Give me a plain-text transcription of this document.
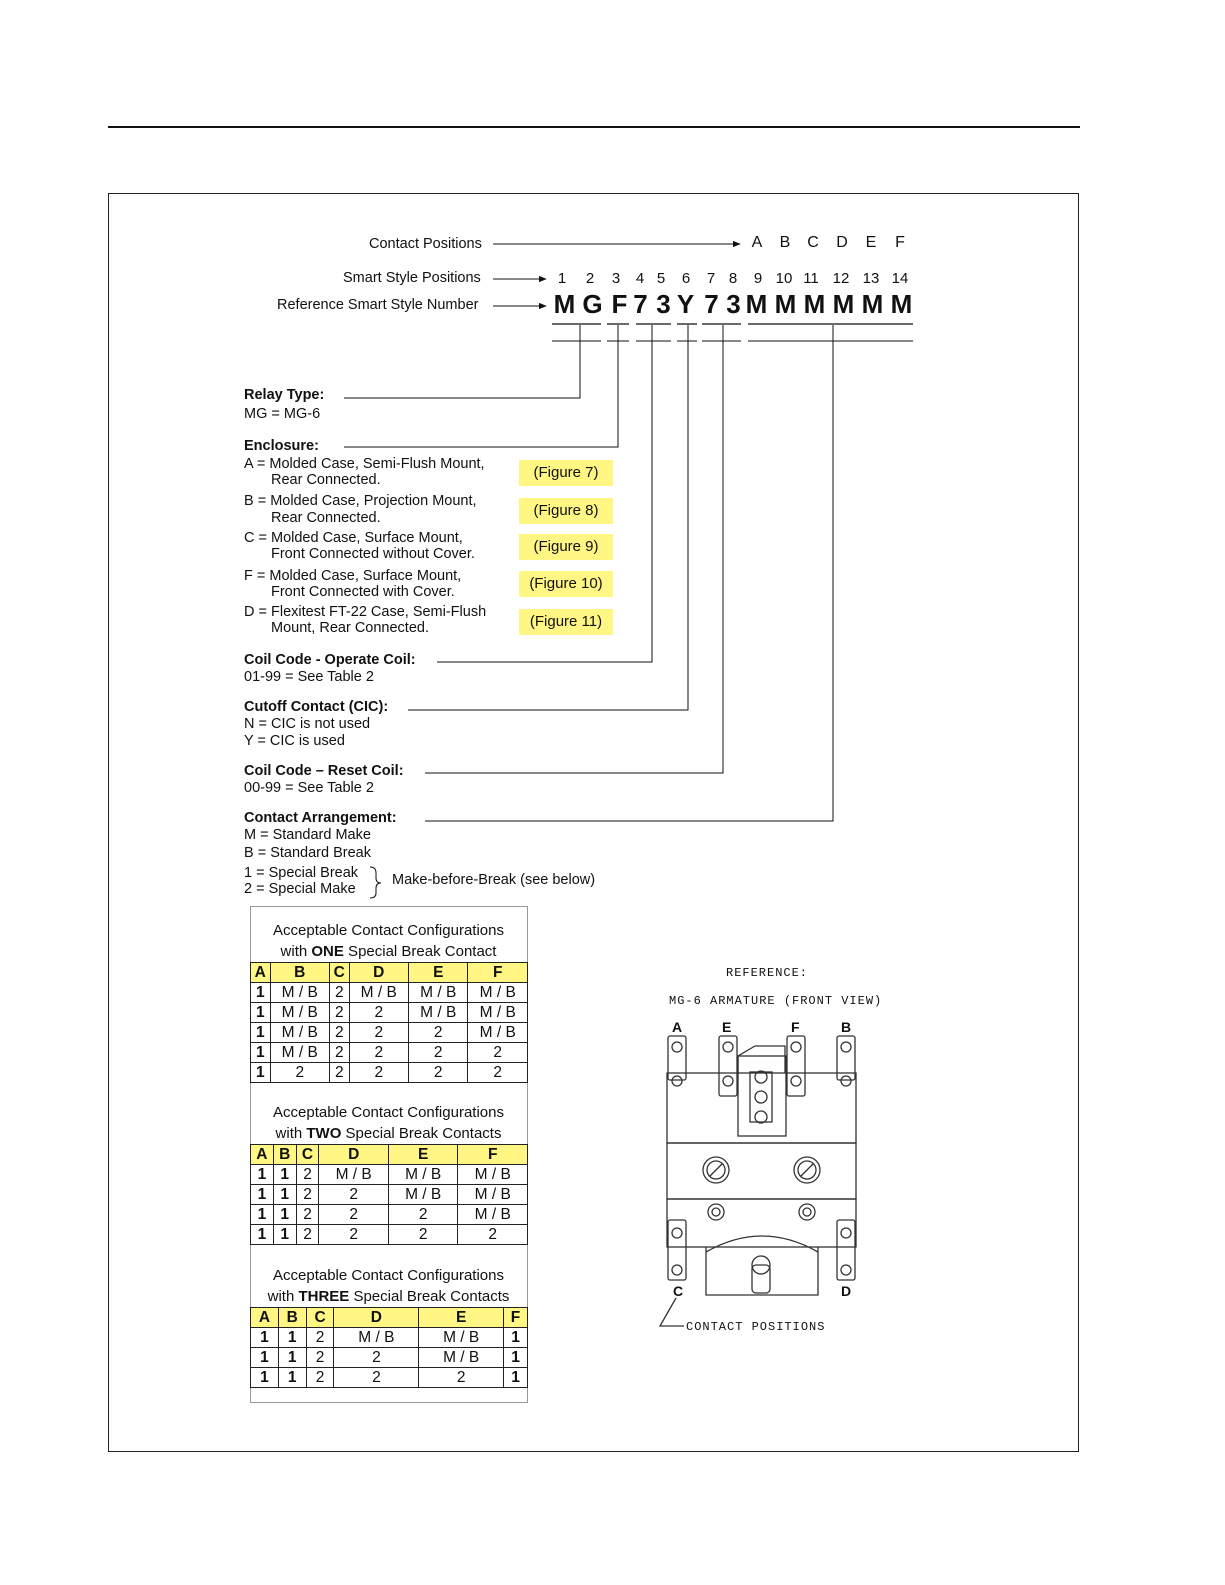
Contact Positions
Smart Style Positions
Reference Smart Style Number
A	B	C	D	E	F
1	2	3	4 5	6	7 8	9 10 11 12 13 14
M G F 7 3 Y 7 3 M M M M M M
Relay Type:
MG = MG-6
Enclosure:
A = Molded Case, Semi-Flush Mount,
Rear Connected.	(Figure 7)
B = Molded Case, Projection Mount,
Rear Connected.	(Figure 8)
C = Molded Case, Surface Mount,
Front Connected without Cover.	(Figure 9)
F = Molded Case, Surface Mount,
Front Connected with Cover.	(Figure 10)
D = Flexitest FT-22 Case, Semi-Flush
Mount, Rear Connected.	(Figure 11)
Coil Code - Operate Coil:
01-99 = See Table 2
Cutoff Contact (CIC):
N = CIC is not used
Y = CIC is used
Coil Code – Reset Coil:
00-99 = See Table 2
Contact Arrangement:
M = Standard Make
B = Standard Break
1 = Special Break
2 = Special Make
Make-before-Break (see below)
Acceptable Contact Configurations
with ONE Special Break Contact
A	B	C	D	E	F
1	M / B	2	M / B	M / B	M / B
1	M / B	2	2	M / B	M / B
1	M / B	2	2	2	M / B
1	M / B	2	2	2	2
1	2	2	2	2	2
Acceptable Contact Configurations
with TWO Special Break Contacts
A	B	C	D	E	F
1	1	2	M / B	M / B	M / B
1	1	2	2	M / B	M / B
1	1	2	2	2	M / B
1	1	2	2	2	2
Acceptable Contact Configurations
with THREE Special Break Contacts
A	B	C	D	E	F
1	1	2	M / B	M / B	1
1	1	2	2	M / B	1
1	1	2	2	2	1
REFERENCE:
MG-6 ARMATURE (FRONT VIEW)
A	E	F	B
C	D
CONTACT POSITIONS
